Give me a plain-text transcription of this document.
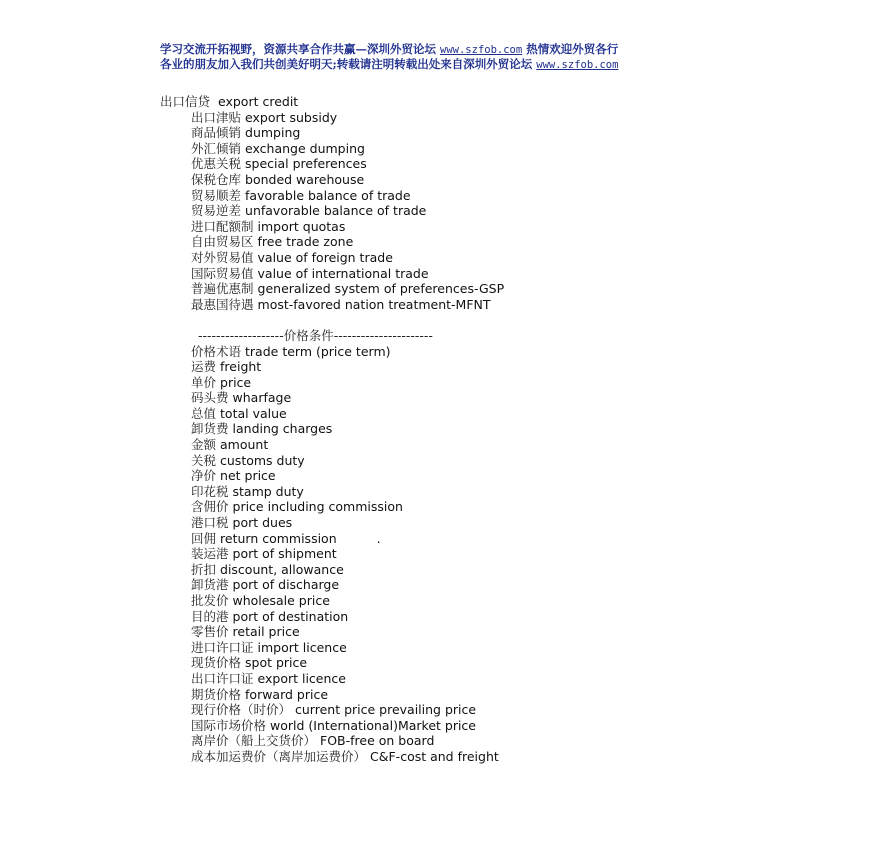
学习交流开拓视野，资源共享合作共赢—深圳外贸论坛 www.szfob.com 热情欢迎外贸各行
各业的朋友加入我们共创美好明天;转载请注明转载出处来自深圳外贸论坛 www.szfob.com
出口信贷 export credit
出口津贴 export subsidy
商品倾销 dumping
外汇倾销 exchange dumping
优惠关税 special preferences
保税仓库 bonded warehouse
贸易顺差 favorable balance of trade
贸易逆差 unfavorable balance of trade
进口配额制 import quotas
自由贸易区 free trade zone
对外贸易值 value of foreign trade
国际贸易值 value of international trade
普遍优惠制 generalized system of preferences-GSP
最惠国待遇 most-favored nation treatment-MFNT
-------------------价格条件----------------------
价格术语 trade term (price term)
运费 freight
单价 price
码头费 wharfage
总值 total value
卸货费 landing charges
金额 amount
关税 customs duty
净价 net price
印花税 stamp duty
含佣价 price including commission
港口税 port dues
回佣 return commission	.
装运港 port of shipment
折扣 discount, allowance
卸货港 port of discharge
批发价 wholesale price
目的港 port of destination
零售价 retail price
进口许口证 import licence
现货价格 spot price
出口许口证 export licence
期货价格 forward price
现行价格（时价） current price prevailing price
国际市场价格 world (International)Market price
离岸价（船上交货价） FOB-free on board
成本加运费价（离岸加运费价） C&F-cost and freight
